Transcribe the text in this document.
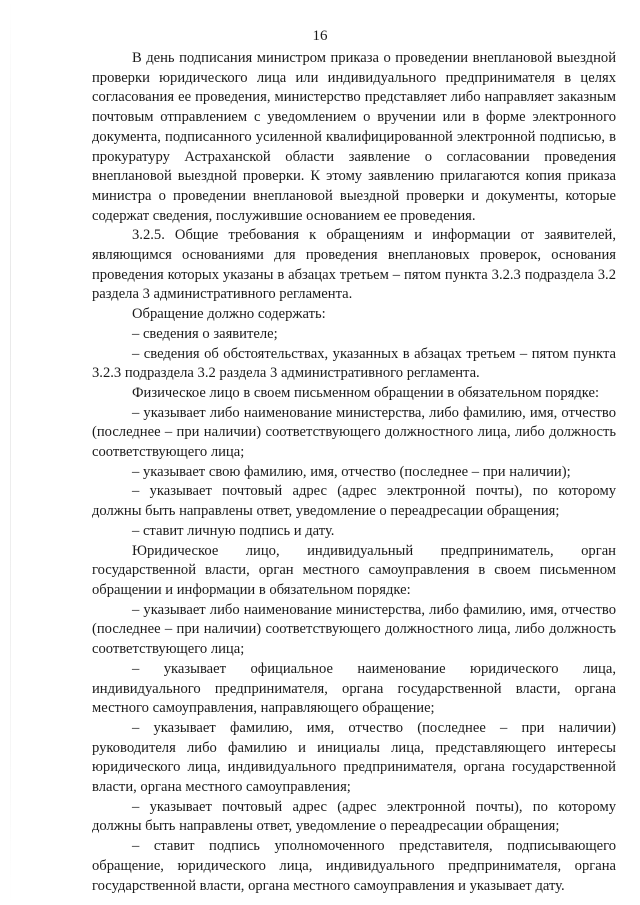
16

В день подписания министром приказа о проведении внеплановой выездной проверки юридического лица или индивидуального предпринимателя в целях согласования ее проведения, министерство представляет либо направляет заказным почтовым отправлением с уведомлением о вручении или в форме электронного документа, подписанного усиленной квалифицированной электронной подписью, в прокуратуру Астраханской области заявление о согласовании проведения внеплановой выездной проверки. К этому заявлению прилагаются копия приказа министра о проведении внеплановой выездной проверки и документы, которые содержат сведения, послужившие основанием ее проведения.

3.2.5. Общие требования к обращениям и информации от заявителей, являющимся основаниями для проведения внеплановых проверок, основания проведения которых указаны в абзацах третьем – пятом пункта 3.2.3 подраздела 3.2 раздела 3 административного регламента.

Обращение должно содержать:

– сведения о заявителе;

– сведения об обстоятельствах, указанных в абзацах третьем – пятом пункта 3.2.3 подраздела 3.2 раздела 3 административного регламента.

Физическое лицо в своем письменном обращении в обязательном порядке:

– указывает либо наименование министерства, либо фамилию, имя, отчество (последнее – при наличии) соответствующего должностного лица, либо должность соответствующего лица;

– указывает свою фамилию, имя, отчество (последнее – при наличии);

– указывает почтовый адрес (адрес электронной почты), по которому должны быть направлены ответ, уведомление о переадресации обращения;

– ставит личную подпись и дату.

Юридическое лицо, индивидуальный предприниматель, орган государственной власти, орган местного самоуправления в своем письменном обращении и информации в обязательном порядке:

– указывает либо наименование министерства, либо фамилию, имя, отчество (последнее – при наличии) соответствующего должностного лица, либо должность соответствующего лица;

– указывает официальное наименование юридического лица, индивидуального предпринимателя, органа государственной власти, органа местного самоуправления, направляющего обращение;

– указывает фамилию, имя, отчество (последнее – при наличии) руководителя либо фамилию и инициалы лица, представляющего интересы юридического лица, индивидуального предпринимателя, органа государственной власти, органа местного самоуправления;

– указывает почтовый адрес (адрес электронной почты), по которому должны быть направлены ответ, уведомление о переадресации обращения;

– ставит подпись уполномоченного представителя, подписывающего обращение, юридического лица, индивидуального предпринимателя, органа государственной власти, органа местного самоуправления и указывает дату.
